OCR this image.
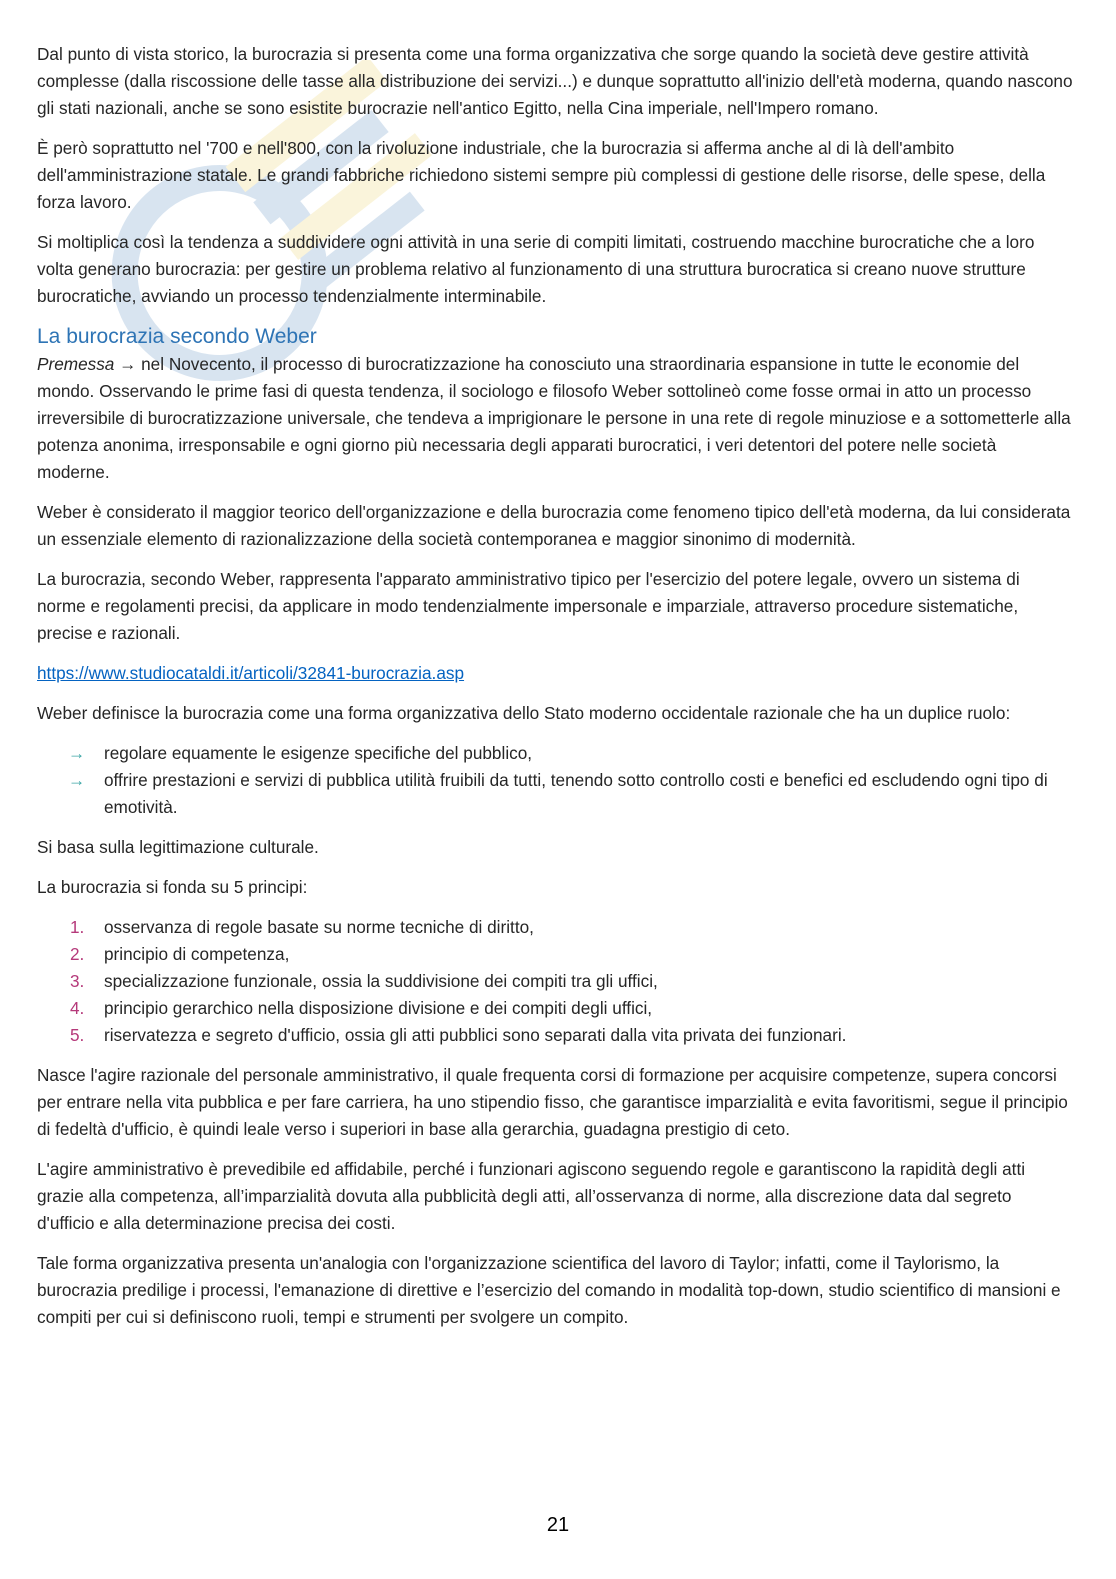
Dal punto di vista storico, la burocrazia si presenta come una forma organizzativa che sorge quando la società deve gestire attività complesse (dalla riscossione delle tasse alla distribuzione dei servizi...) e dunque soprattutto all'inizio dell'età moderna, quando nascono gli stati nazionali, anche se sono esistite burocrazie nell'antico Egitto, nella Cina imperiale, nell'Impero romano.

È però soprattutto nel '700 e nell'800, con la rivoluzione industriale, che la burocrazia si afferma anche al di là dell'ambito dell'amministrazione statale. Le grandi fabbriche richiedono sistemi sempre più complessi di gestione delle risorse, delle spese, della forza lavoro.

Si moltiplica così la tendenza a suddividere ogni attività in una serie di compiti limitati, costruendo macchine burocratiche che a loro volta generano burocrazia: per gestire un problema relativo al funzionamento di una struttura burocratica si creano nuove strutture burocratiche, avviando un processo tendenzialmente interminabile.

La burocrazia secondo Weber

Premessa → nel Novecento, il processo di burocratizzazione ha conosciuto una straordinaria espansione in tutte le economie del mondo. Osservando le prime fasi di questa tendenza, il sociologo e filosofo Weber sottolineò come fosse ormai in atto un processo irreversibile di burocratizzazione universale, che tendeva a imprigionare le persone in una rete di regole minuziose e a sottometterle alla potenza anonima, irresponsabile e ogni giorno più necessaria degli apparati burocratici, i veri detentori del potere nelle società moderne.

Weber è considerato il maggior teorico dell'organizzazione e della burocrazia come fenomeno tipico dell'età moderna, da lui considerata un essenziale elemento di razionalizzazione della società contemporanea e maggior sinonimo di modernità.

La burocrazia, secondo Weber, rappresenta l'apparato amministrativo tipico per l'esercizio del potere legale, ovvero un sistema di norme e regolamenti precisi, da applicare in modo tendenzialmente impersonale e imparziale, attraverso procedure sistematiche, precise e razionali.

https://www.studiocataldi.it/articoli/32841-burocrazia.asp

Weber definisce la burocrazia come una forma organizzativa dello Stato moderno occidentale razionale che ha un duplice ruolo:

→ regolare equamente le esigenze specifiche del pubblico,
→ offrire prestazioni e servizi di pubblica utilità fruibili da tutti, tenendo sotto controllo costi e benefici ed escludendo ogni tipo di emotività.

Si basa sulla legittimazione culturale.

La burocrazia si fonda su 5 principi:

1. osservanza di regole basate su norme tecniche di diritto,
2. principio di competenza,
3. specializzazione funzionale, ossia la suddivisione dei compiti tra gli uffici,
4. principio gerarchico nella disposizione divisione e dei compiti degli uffici,
5. riservatezza e segreto d'ufficio, ossia gli atti pubblici sono separati dalla vita privata dei funzionari.

Nasce l'agire razionale del personale amministrativo, il quale frequenta corsi di formazione per acquisire competenze, supera concorsi per entrare nella vita pubblica e per fare carriera, ha uno stipendio fisso, che garantisce imparzialità e evita favoritismi, segue il principio di fedeltà d'ufficio, è quindi leale verso i superiori in base alla gerarchia, guadagna prestigio di ceto.

L'agire amministrativo è prevedibile ed affidabile, perché i funzionari agiscono seguendo regole e garantiscono la rapidità degli atti grazie alla competenza, all’imparzialità dovuta alla pubblicità degli atti, all’osservanza di norme, alla discrezione data dal segreto d'ufficio e alla determinazione precisa dei costi.

Tale forma organizzativa presenta un'analogia con l'organizzazione scientifica del lavoro di Taylor; infatti, come il Taylorismo, la burocrazia predilige i processi, l'emanazione di direttive e l’esercizio del comando in modalità top-down, studio scientifico di mansioni e compiti per cui si definiscono ruoli, tempi e strumenti per svolgere un compito.

21
